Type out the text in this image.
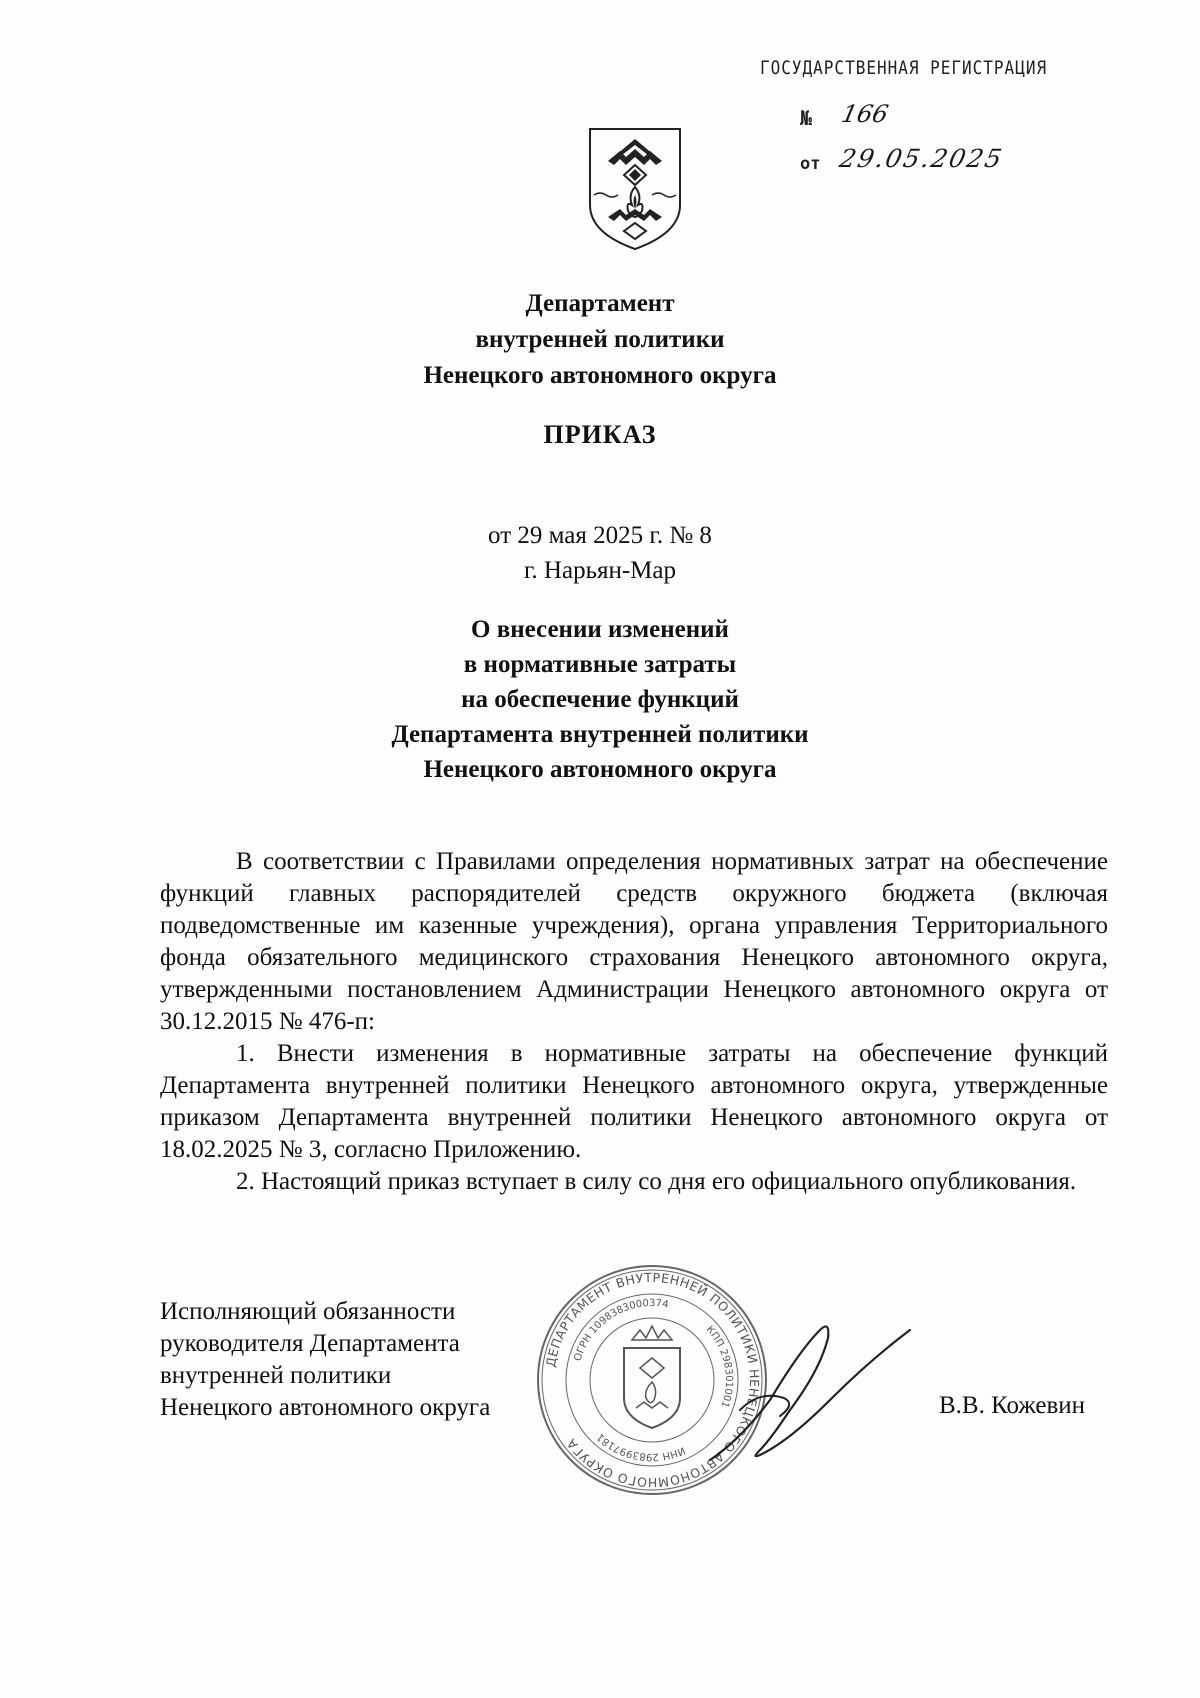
ГОСУДАРСТВЕННАЯ РЕГИСТРАЦИЯ
№ 166
от 29.05.2025
Департамент
внутренней политики
Ненецкого автономного округа
ПРИКАЗ
от 29 мая 2025 г. № 8
г. Нарьян-Мар
О внесении изменений
в нормативные затраты
на обеспечение функций
Департамента внутренней политики
Ненецкого автономного округа

В соответствии с Правилами определения нормативных затрат на обеспечение функций главных распорядителей средств окружного бюджета (включая подведомственные им казенные учреждения), органа управления Территориального фонда обязательного медицинского страхования Ненецкого автономного округа, утвержденными постановлением Администрации Ненецкого автономного округа от 30.12.2015 № 476-п:

1. Внести изменения в нормативные затраты на обеспечение функций Департамента внутренней политики Ненецкого автономного округа, утвержденные приказом Департамента внутренней политики Ненецкого автономного округа от 18.02.2025 № 3, согласно Приложению.

2. Настоящий приказ вступает в силу со дня его официального опубликования.

Исполняющий обязанности
руководителя Департамента
внутренней политики
Ненецкого автономного округа
ДЕПАРТАМЕНТ ВНУТРЕННЕЙ ПОЛИТИКИ НЕНЕЦКОГО АВТОНОМНОГО ОКРУГА
ОГРН 1098383000374
КПП 298301001
ИНН 2983997181
В.В. Кожевин
